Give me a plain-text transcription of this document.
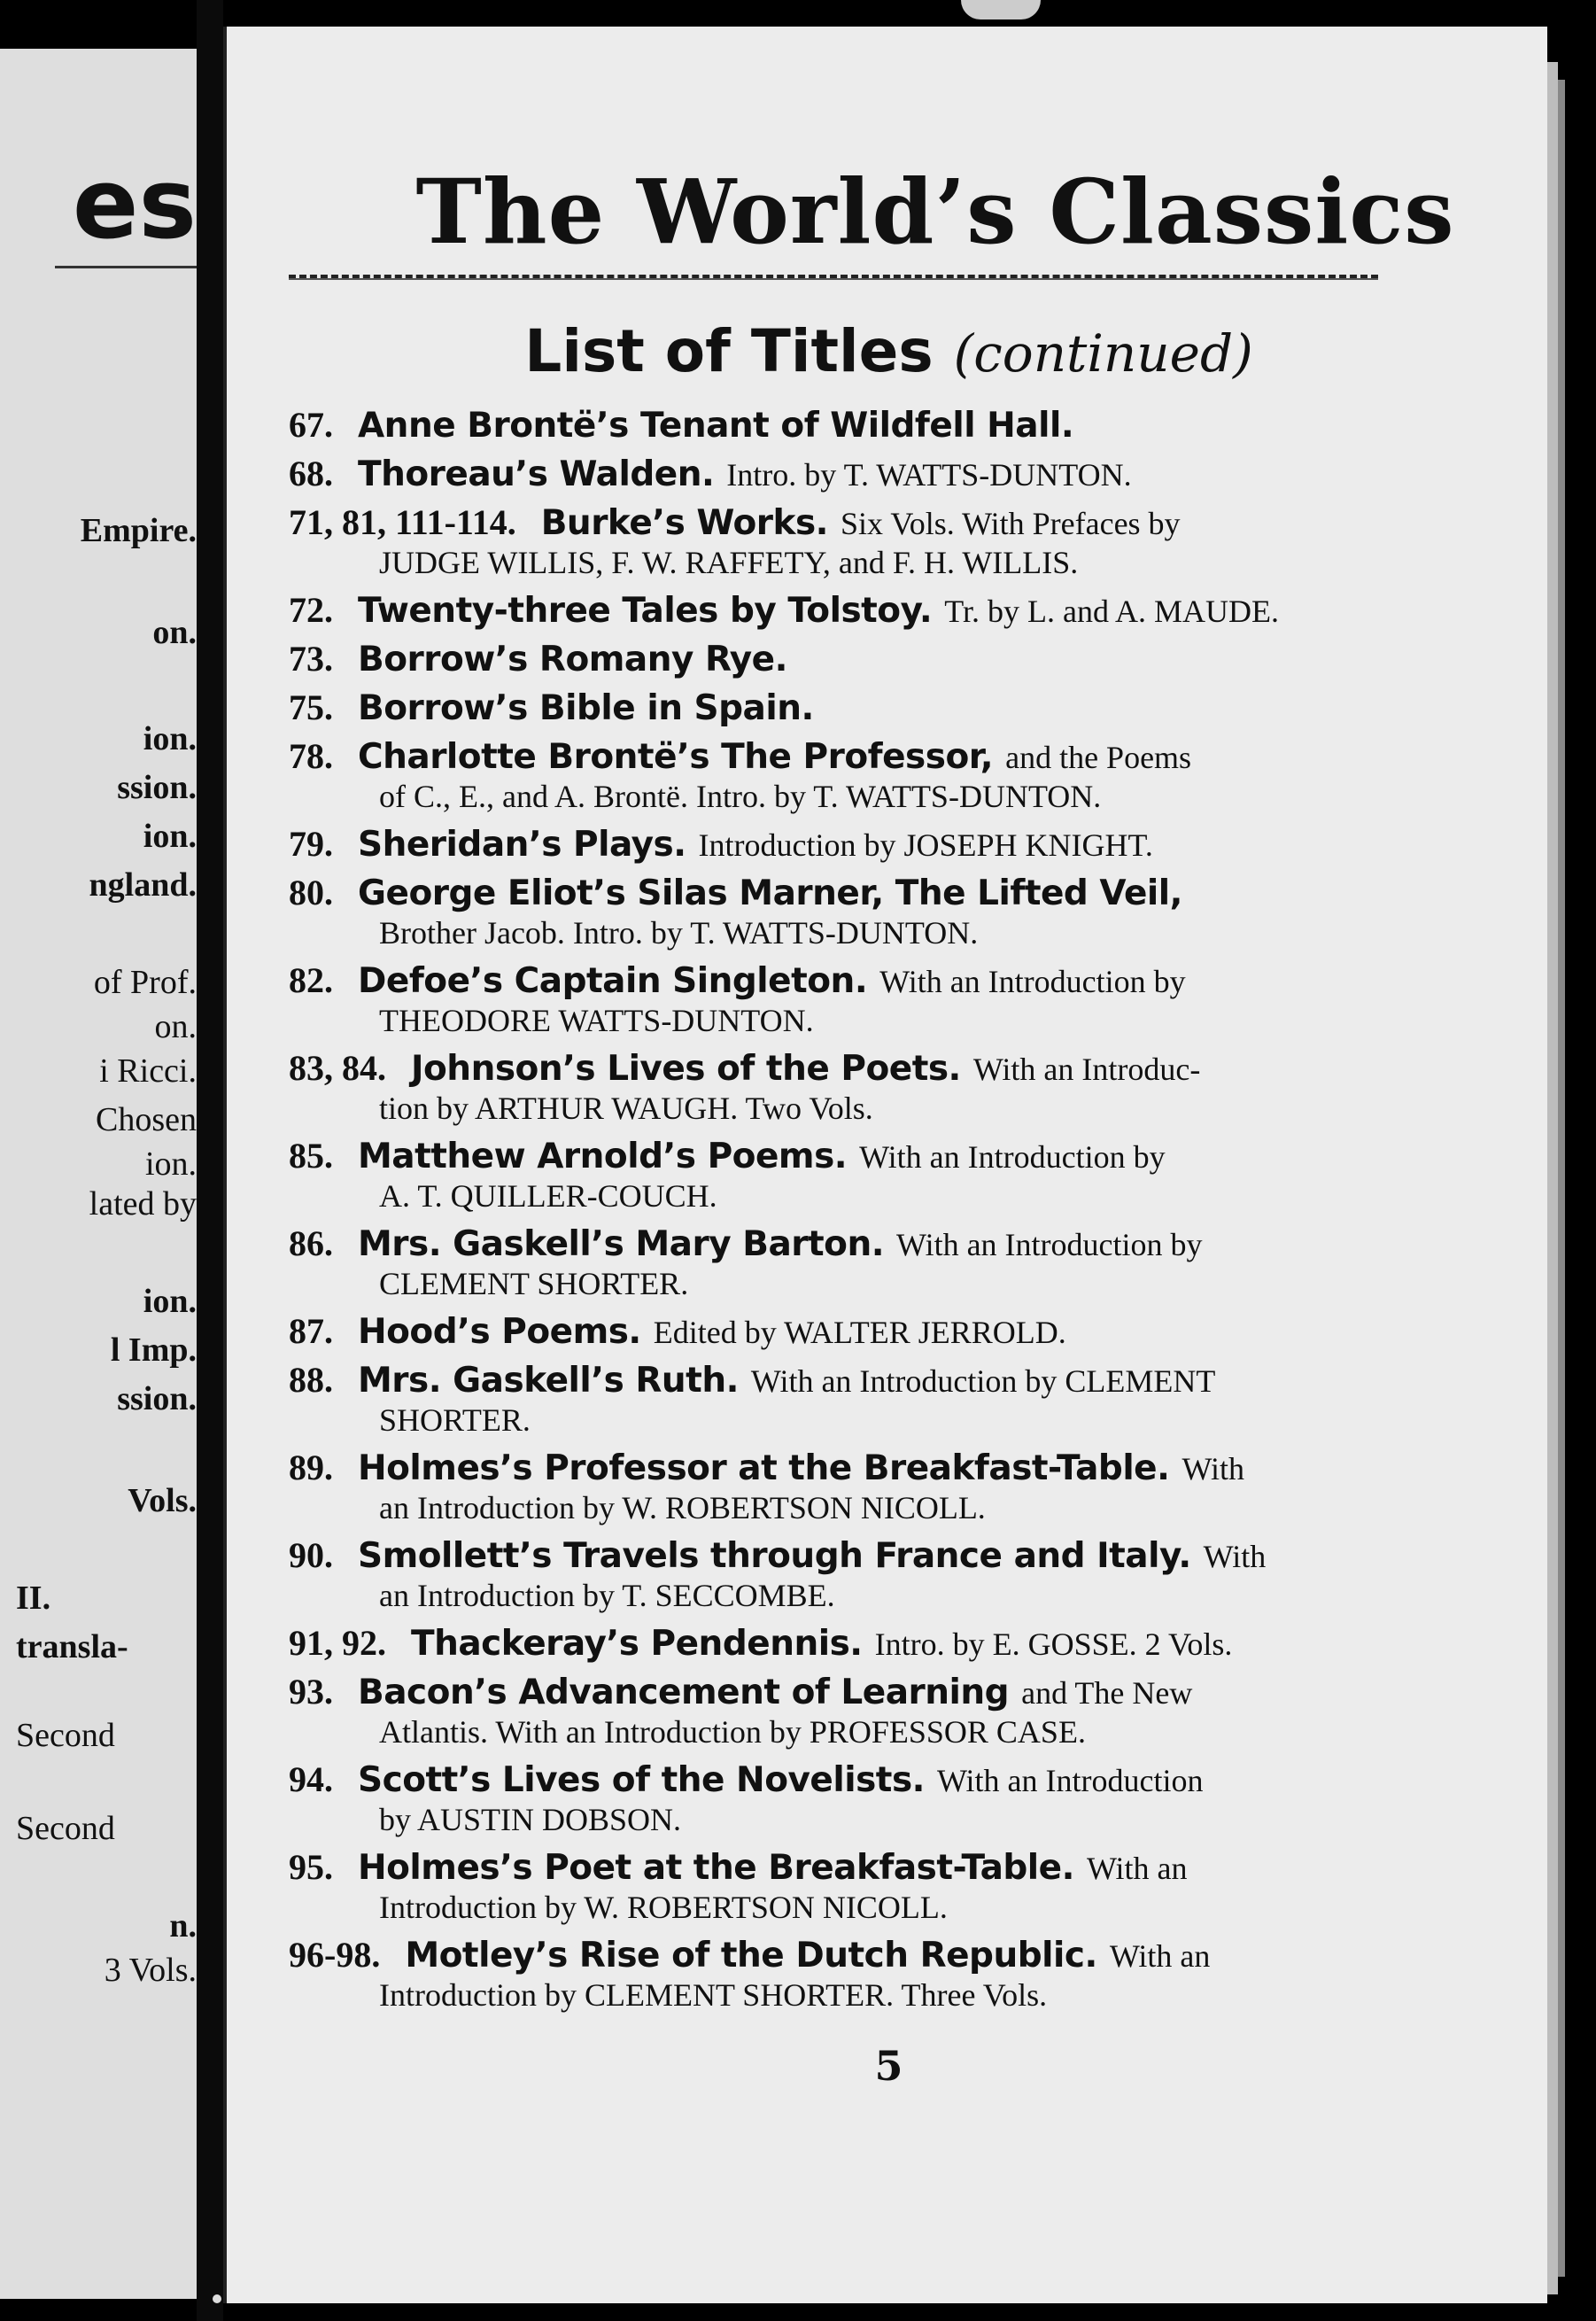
es
Empire.
on.
ion.
ssion.
ion.
ngland.
of Prof.
on.
i Ricci.
Chosen
ion.
lated by
ion.
l Imp.
ssion.
Vols.
II.
transla-
Second
Second
n.
3 Vols.
The World’s Classics
List of Titles (continued)
67. Anne Brontë’s Tenant of Wildfell Hall.
68. Thoreau’s Walden. Intro. by T. WATTS-DUNTON.
71, 81, 111-114. Burke’s Works. Six Vols. With Prefaces by
JUDGE WILLIS, F. W. RAFFETY, and F. H. WILLIS.
72. Twenty-three Tales by Tolstoy. Tr. by L. and A. MAUDE.
73. Borrow’s Romany Rye.
75. Borrow’s Bible in Spain.
78. Charlotte Brontë’s The Professor, and the Poems
of C., E., and A. Brontë. Intro. by T. WATTS-DUNTON.
79. Sheridan’s Plays. Introduction by JOSEPH KNIGHT.
80. George Eliot’s Silas Marner, The Lifted Veil,
Brother Jacob. Intro. by T. WATTS-DUNTON.
82. Defoe’s Captain Singleton. With an Introduction by
THEODORE WATTS-DUNTON.
83, 84. Johnson’s Lives of the Poets. With an Introduc-
tion by ARTHUR WAUGH. Two Vols.
85. Matthew Arnold’s Poems. With an Introduction by
A. T. QUILLER-COUCH.
86. Mrs. Gaskell’s Mary Barton. With an Introduction by
CLEMENT SHORTER.
87. Hood’s Poems. Edited by WALTER JERROLD.
88. Mrs. Gaskell’s Ruth. With an Introduction by CLEMENT
SHORTER.
89. Holmes’s Professor at the Breakfast-Table. With
an Introduction by W. ROBERTSON NICOLL.
90. Smollett’s Travels through France and Italy. With
an Introduction by T. SECCOMBE.
91, 92. Thackeray’s Pendennis. Intro. by E. GOSSE. 2 Vols.
93. Bacon’s Advancement of Learning and The New
Atlantis. With an Introduction by PROFESSOR CASE.
94. Scott’s Lives of the Novelists. With an Introduction
by AUSTIN DOBSON.
95. Holmes’s Poet at the Breakfast-Table. With an
Introduction by W. ROBERTSON NICOLL.
96-98. Motley’s Rise of the Dutch Republic. With an
Introduction by CLEMENT SHORTER. Three Vols.
5
